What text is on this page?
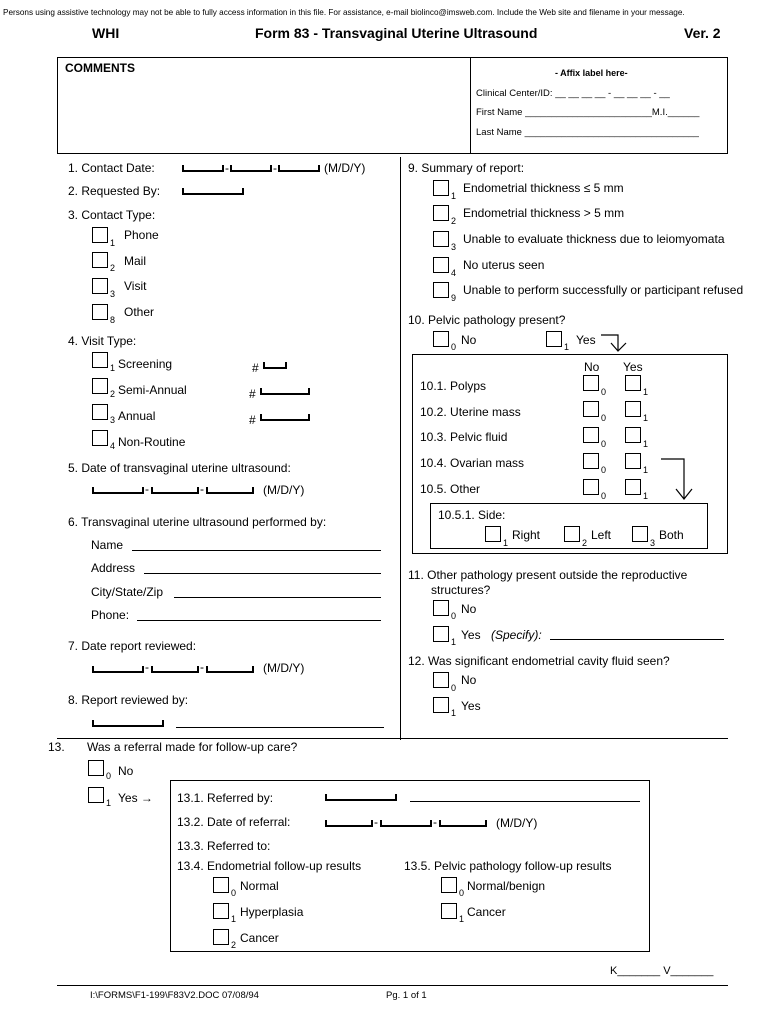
Persons using assistive technology may not be able to fully access information in this file. For assistance, e-mail biolinco@imsweb.com. Include the Web site and filename in your message.
WHI	Form 83 - Transvaginal Uterine Ultrasound	Ver. 2
COMMENTS	- Affix label here-
Clinical Center/ID: __ __ __ __ - __ __ __ - __
First Name ________________________M.I.______
Last Name _________________________________
1. Contact Date:	-	-	(M/D/Y)
2. Requested By:
3. Contact Type:
1
Phone
2 Mail
3
Visit
8
Other
4. Visit Type:
1 Screening	#
2 Semi-Annual	#
3 Annual	#
4 Non-Routine
5. Date of transvaginal uterine ultrasound:
-	-	(M/D/Y)
6. Transvaginal uterine ultrasound performed by:
Name
Address
City/State/Zip
Phone:
7. Date report reviewed:
-	-	(M/D/Y)
8. Report reviewed by:
9. Summary of report:
1
Endometrial thickness ≤ 5 mm
2
Endometrial thickness > 5 mm
3
Unable to evaluate thickness due to leiomyomata
4
No uterus seen
9
Unable to perform successfully or participant refused
10. Pelvic pathology present?
0 No	1 Yes
No Yes
10.1. Polyps	0	1
10.2. Uterine mass	0	1
10.3. Pelvic fluid	0	1
10.4. Ovarian mass	0	1
10.5. Other	0	1
10.5.1. Side:
1
Right
2
Left
3
Both
11. Other pathology present outside the reproductive
structures?
0 No
1 Yes (Specify):
12. Was significant endometrial cavity fluid seen?
0
No
1 Yes
13. Was a referral made for follow-up care?
0 No
1 Yes → 13.1. Referred by:
13.2. Date of referral:	-	-	(M/D/Y)
13.3. Referred to:
13.4. Endometrial follow-up results
0 Normal
1 Hyperplasia
2 Cancer
13.5. Pelvic pathology follow-up results
0 Normal/benign
1 Cancer
K_______ V_______
I:\FORMS\F1-199\F83V2.DOC 07/08/94	Pg. 1 of 1
